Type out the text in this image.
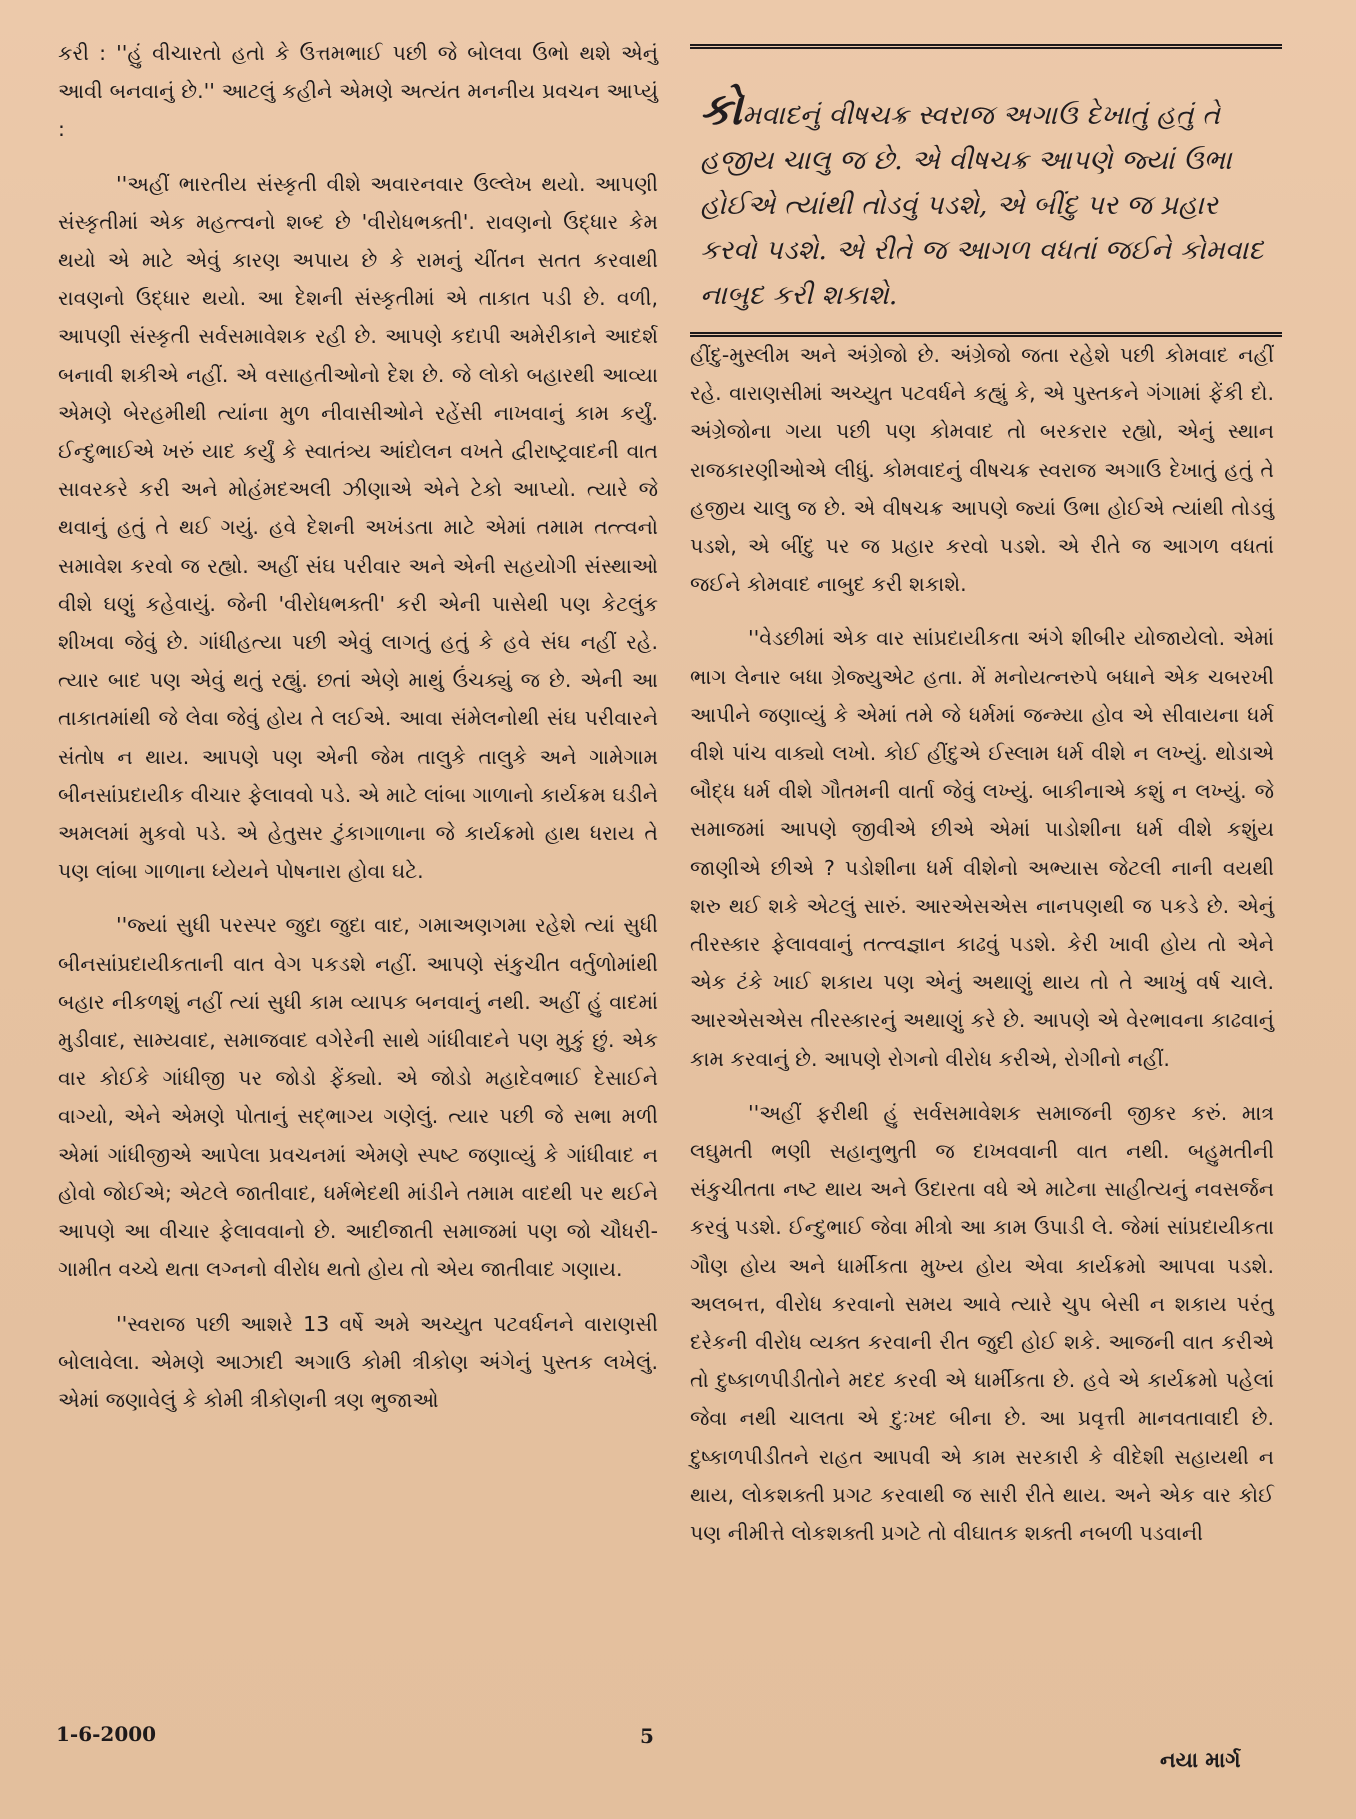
કરી : ''હું વીચારતો હતો કે ઉત્તમભાઈ પછી જે બોલવા ઉભો થશે એનું આવી બનવાનું છે.'' આટલું કહીને એમણે અત્યંત મનનીય પ્રવચન આપ્યું :

''અહીં ભારતીય સંસ્કૃતી વીશે અવારનવાર ઉલ્લેખ થયો. આપણી સંસ્કૃતીમાં એક મહત્ત્વનો શબ્દ છે 'વીરોધભક્તી'. રાવણનો ઉદ્ધાર કેમ થયો એ માટે એવું કારણ અપાય છે કે રામનું ચીંતન સતત કરવાથી રાવણનો ઉદ્ધાર થયો. આ દેશની સંસ્કૃતીમાં એ તાકાત પડી છે. વળી, આપણી સંસ્કૃતી સર્વસમાવેશક રહી છે. આપણે કદાપી અમેરીકાને આદર્શ બનાવી શકીએ નહીં. એ વસાહતીઓનો દેશ છે. જે લોકો બહારથી આવ્યા એમણે બેરહમીથી ત્યાંના મુળ નીવાસીઓને રહેંસી નાખવાનું કામ કર્યું. ઈન્દુભાઈએ ખરું યાદ કર્યું કે સ્વાતંત્ર્ય આંદોલન વખતે દ્વીરાષ્ટ્રવાદની વાત સાવરકરે કરી અને મોહંમદઅલી ઝીણાએ એને ટેકો આપ્યો. ત્યારે જે થવાનું હતું તે થઈ ગયું. હવે દેશની અખંડતા માટે એમાં તમામ તત્ત્વનો સમાવેશ કરવો જ રહ્યો. અહીં સંઘ પરીવાર અને એની સહયોગી સંસ્થાઓ વીશે ઘણું કહેવાયું. જેની 'વીરોધભક્તી' કરી એની પાસેથી પણ કેટલુંક શીખવા જેવું છે. ગાંધીહત્યા પછી એવું લાગતું હતું કે હવે સંઘ નહીં રહે. ત્યાર બાદ પણ એવું થતું રહ્યું. છતાં એણે માથું ઉંચક્યું જ છે. એની આ તાકાતમાંથી જે લેવા જેવું હોય તે લઈએ. આવા સંમેલનોથી સંઘ પરીવારને સંતોષ ન થાય. આપણે પણ એની જેમ તાલુકે તાલુકે અને ગામેગામ બીનસાંપ્રદાયીક વીચાર ફેલાવવો પડે. એ માટે લાંબા ગાળાનો કાર્યક્રમ ઘડીને અમલમાં મુકવો પડે. એ હેતુસર ટુંકાગાળાના જે કાર્યક્રમો હાથ ધરાય તે પણ લાંબા ગાળાના ધ્યેયને પોષનારા હોવા ઘટે.

''જ્યાં સુધી પરસ્પર જુદા જુદા વાદ, ગમાઅણગમા રહેશે ત્યાં સુધી બીનસાંપ્રદાયીકતાની વાત વેગ પકડશે નહીં. આપણે સંકુચીત વર્તુળોમાંથી બહાર નીકળશું નહીં ત્યાં સુધી કામ વ્યાપક બનવાનું નથી. અહીં હું વાદમાં મુડીવાદ, સામ્યવાદ, સમાજવાદ વગેરેની સાથે ગાંધીવાદને પણ મુકું છું. એક વાર કોઈકે ગાંધીજી પર જોડો ફેંક્યો. એ જોડો મહાદેવભાઈ દેસાઈને વાગ્યો, એને એમણે પોતાનું સદ્ભાગ્ય ગણેલું. ત્યાર પછી જે સભા મળી એમાં ગાંધીજીએ આપેલા પ્રવચનમાં એમણે સ્પષ્ટ જણાવ્યું કે ગાંધીવાદ ન હોવો જોઈએ; એટલે જાતીવાદ, ધર્મભેદથી માંડીને તમામ વાદથી પર થઈને આપણે આ વીચાર ફેલાવવાનો છે. આદીજાતી સમાજમાં પણ જો ચૌધરી-ગામીત વચ્ચે થતા લગ્નનો વીરોધ થતો હોય તો એય જાતીવાદ ગણાય.

''સ્વરાજ પછી આશરે 13 વર્ષે અમે અચ્યુત પટવર્ધનને વારાણસી બોલાવેલા. એમણે આઝાદી અગાઉ કોમી ત્રીકોણ અંગેનું પુસ્તક લખેલું. એમાં જણાવેલું કે કોમી ત્રીકોણની ત્રણ ભુજાઓ

કોમવાદનું વીષચક્ર સ્વરાજ અગાઉ દેખાતું હતું તે હજીય ચાલુ જ છે. એ વીષચક્ર આપણે જ્યાં ઉભા હોઈએ ત્યાંથી તોડવું પડશે, એ બીંદુ પર જ પ્રહાર કરવો પડશે. એ રીતે જ આગળ વધતાં જઈને કોમવાદ નાબુદ કરી શકાશે.

હીંદુ-મુસ્લીમ અને અંગ્રેજો છે. અંગ્રેજો જતા રહેશે પછી કોમવાદ નહીં રહે. વારાણસીમાં અચ્યુત પટવર્ધને કહ્યું કે, એ પુસ્તકને ગંગામાં ફેંકી દો. અંગ્રેજોના ગયા પછી પણ કોમવાદ તો બરકરાર રહ્યો, એનું સ્થાન રાજકારણીઓએ લીધું. કોમવાદનું વીષચક્ર સ્વરાજ અગાઉ દેખાતું હતું તે હજીય ચાલુ જ છે. એ વીષચક્ર આપણે જ્યાં ઉભા હોઈએ ત્યાંથી તોડવું પડશે, એ બીંદુ પર જ પ્રહાર કરવો પડશે. એ રીતે જ આગળ વધતાં જઈને કોમવાદ નાબુદ કરી શકાશે.

''વેડછીમાં એક વાર સાંપ્રદાયીકતા અંગે શીબીર યોજાયેલો. એમાં ભાગ લેનાર બધા ગ્રેજ્યુએટ હતા. મેં મનોયત્નરુપે બધાને એક ચબરખી આપીને જણાવ્યું કે એમાં તમે જે ધર્મમાં જન્મ્યા હોવ એ સીવાયના ધર્મ વીશે પાંચ વાક્યો લખો. કોઈ હીંદુએ ઈસ્લામ ધર્મ વીશે ન લખ્યું. થોડાએ બૌદ્ધ ધર્મ વીશે ગૌતમની વાર્તા જેવું લખ્યું. બાકીનાએ કશું ન લખ્યું. જે સમાજમાં આપણે જીવીએ છીએ એમાં પાડોશીના ધર્મ વીશે કશુંય જાણીએ છીએ ? પડોશીના ધર્મ વીશેનો અભ્યાસ જેટલી નાની વયથી શરુ થઈ શકે એટલું સારું. આરએસએસ નાનપણથી જ પકડે છે. એનું તીરસ્કાર ફેલાવવાનું તત્ત્વજ્ઞાન કાઢવું પડશે. કેરી ખાવી હોય તો એને એક ટંકે ખાઈ શકાય પણ એનું અથાણું થાય તો તે આખું વર્ષ ચાલે. આરએસએસ તીરસ્કારનું અથાણું કરે છે. આપણે એ વેરભાવના કાઢવાનું કામ કરવાનું છે. આપણે રોગનો વીરોધ કરીએ, રોગીનો નહીં.

''અહીં ફરીથી હું સર્વસમાવેશક સમાજની જીકર કરું. માત્ર લઘુમતી ભણી સહાનુભુતી જ દાખવવાની વાત નથી. બહુમતીની સંકુચીતતા નષ્ટ થાય અને ઉદારતા વધે એ માટેના સાહીત્યનું નવસર્જન કરવું પડશે. ઈન્દુભાઈ જેવા મીત્રો આ કામ ઉપાડી લે. જેમાં સાંપ્રદાયીકતા ગૌણ હોય અને ધાર્મીકતા મુખ્ય હોય એવા કાર્યક્રમો આપવા પડશે. અલબત્ત, વીરોધ કરવાનો સમય આવે ત્યારે ચુપ બેસી ન શકાય પરંતુ દરેકની વીરોધ વ્યક્ત કરવાની રીત જુદી હોઈ શકે. આજની વાત કરીએ તો દુષ્કાળપીડીતોને મદદ કરવી એ ધાર્મીકતા છે. હવે એ કાર્યક્રમો પહેલાં જેવા નથી ચાલતા એ દુઃખદ બીના છે. આ પ્રવૃત્તી માનવતાવાદી છે. દુષ્કાળપીડીતને રાહત આપવી એ કામ સરકારી કે વીદેશી સહાયથી ન થાય, લોકશક્તી પ્રગટ કરવાથી જ સારી રીતે થાય. અને એક વાર કોઈ પણ નીમીત્તે લોકશક્તી પ્રગટે તો વીઘાતક શક્તી નબળી પડવાની

1-6-2000	5
નયા માર્ગ
